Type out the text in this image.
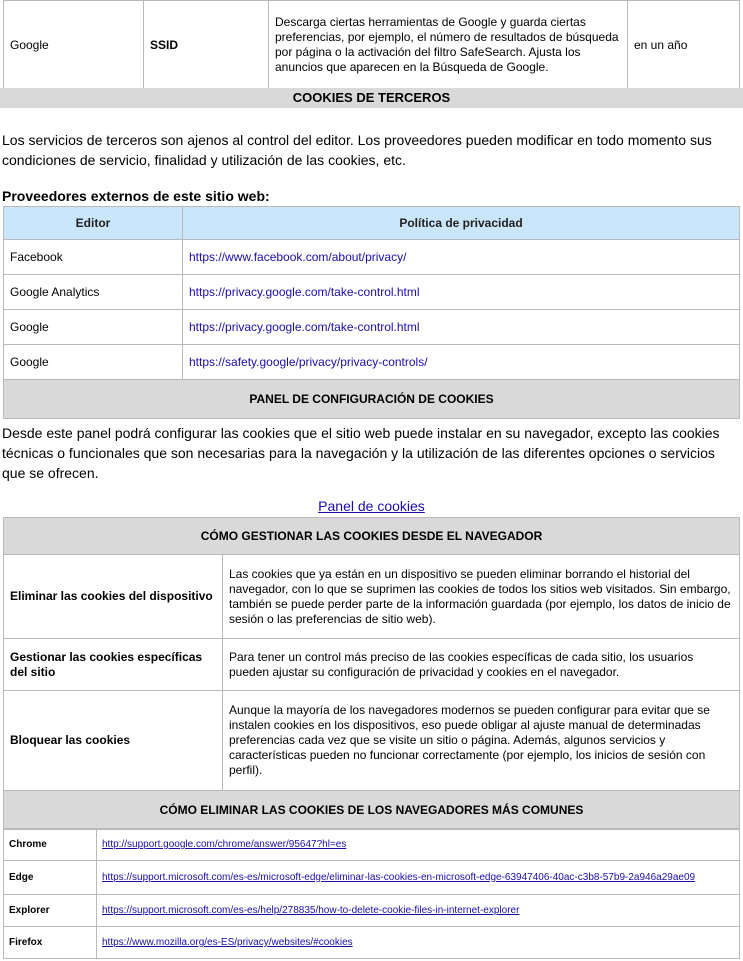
Google	SSID	Descarga ciertas herramientas de Google y guarda ciertas preferencias, por ejemplo, el número de resultados de búsqueda por página o la activación del filtro SafeSearch. Ajusta los anuncios que aparecen en la Búsqueda de Google.	en un año
COOKIES DE TERCEROS
Los servicios de terceros son ajenos al control del editor. Los proveedores pueden modificar en todo momento sus condiciones de servicio, finalidad y utilización de las cookies, etc.
Proveedores externos de este sitio web:
Editor	Política de privacidad
Facebook	https://www.facebook.com/about/privacy/
Google Analytics	https://privacy.google.com/take-control.html
Google	https://privacy.google.com/take-control.html
Google	https://safety.google/privacy/privacy-controls/
PANEL DE CONFIGURACIÓN DE COOKIES	
Desde este panel podrá configurar las cookies que el sitio web puede instalar en su navegador, excepto las cookies técnicas o funcionales que son necesarias para la navegación y la utilización de las diferentes opciones o servicios que se ofrecen.
Panel de cookies
CÓMO GESTIONAR LAS COOKIES DESDE EL NAVEGADOR	
Eliminar las cookies del dispositivo	Las cookies que ya están en un dispositivo se pueden eliminar borrando el historial del navegador, con lo que se suprimen las cookies de todos los sitios web visitados. Sin embargo, también se puede perder parte de la información guardada (por ejemplo, los datos de inicio de sesión o las preferencias de sitio web).
Gestionar las cookies específicas del sitio	Para tener un control más preciso de las cookies específicas de cada sitio, los usuarios pueden ajustar su configuración de privacidad y cookies en el navegador.
Bloquear las cookies	Aunque la mayoría de los navegadores modernos se pueden configurar para evitar que se instalen cookies en los dispositivos, eso puede obligar al ajuste manual de determinadas preferencias cada vez que se visite un sitio o página. Además, algunos servicios y características pueden no funcionar correctamente (por ejemplo, los inicios de sesión con perfil).
CÓMO ELIMINAR LAS COOKIES DE LOS NAVEGADORES MÁS COMUNES	
Chrome	http://support.google.com/chrome/answer/95647?hl=es
Edge	https://support.microsoft.com/es-es/microsoft-edge/eliminar-las-cookies-en-microsoft-edge-63947406-40ac-c3b8-57b9-2a946a29ae09
Explorer	https://support.microsoft.com/es-es/help/278835/how-to-delete-cookie-files-in-internet-explorer
Firefox	https://www.mozilla.org/es-ES/privacy/websites/#cookies
